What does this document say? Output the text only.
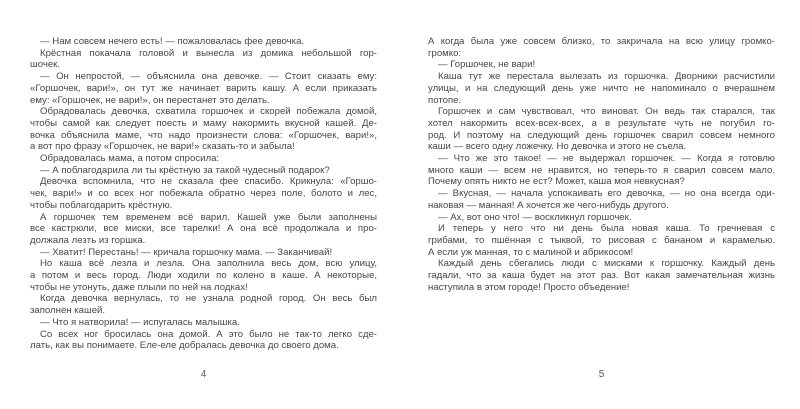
— Нам совсем нечего есть! — пожаловалась фее девочка.

Крёстная покачала головой и вынесла из домика небольшой гор-
шочек.

— Он непростой, — объяснила она девочке. — Стоит сказать ему:
«Горшочек, вари!», он тут же начинает варить кашу. А если приказать
ему: «Горшочек, не вари!», он перестанет это делать.

Обрадовалась девочка, схватила горшочек и скорей побежала домой,
чтобы самой как следует поесть и маму накормить вкусной кашей. Де-
вочка объяснила маме, что надо произнести слова: «Горшочек, вари!»,
а вот про фразу «Горшочек, не вари!» сказать-то и забыла!

Обрадовалась мама, а потом спросила:

— А поблагодарила ли ты крёстную за такой чудесный подарок?

Девочка вспомнила, что не сказала фее спасибо. Крикнула: «Горшо-
чек, вари!» и со всех ног побежала обратно через поле, болото и лес,
чтобы поблагодарить крёстную.

А горшочек тем временем всё варил. Кашей уже были заполнены
все кастрюли, все миски, все тарелки! А она всё продолжала и про-
должала лезть из горшка.

— Хватит! Перестань! — кричала горшочку мама. — Заканчивай!

Но каша всё лезла и лезла. Она заполнила весь дом, всю улицу,
а потом и весь город. Люди ходили по колено в каше. А некоторые,
чтобы не утонуть, даже плыли по ней на лодках!

Когда девочка вернулась, то не узнала родной город. Он весь был
заполнен кашей.

— Что я натворила! — испугалась малышка.

Со всех ног бросилась она домой. А это было не так-то легко сде-
лать, как вы понимаете. Еле-еле добралась девочка до своего дома.

4

А когда была уже совсем близко, то закричала на всю улицу громко-
громко:

— Горшочек, не вари!

Каша тут же перестала вылезать из горшочка. Дворники расчистили
улицы, и на следующий день уже ничто не напоминало о вчерашнем
потопе.

Горшочек и сам чувствовал, что виноват. Он ведь так старался, так
хотел накормить всех-всех-всех, а в результате чуть не погубил го-
род. И поэтому на следующий день горшочек сварил совсем немного
каши — всего одну ложечку. Но девочка и этого не съела.

— Что же это такое! — не выдержал горшочек. — Когда я готовлю
много каши — всем не нравится, но теперь-то я сварил совсем мало.
Почему опять никто не ест? Может, каша моя невкусная?

— Вкусная, — начала успокаивать его девочка, — но она всегда оди-
наковая — манная! А хочется же чего-нибудь другого.

— Ах, вот оно что! — воскликнул горшочек.

И теперь у него что ни день была новая каша. То гречневая с
грибами, то пшённая с тыквой, то рисовая с бананом и карамелью.
А если уж манная, то с малиной и абрикосом!

Каждый день сбегались люди с мисками к горшочку. Каждый день
гадали, что за каша будет на этот раз. Вот какая замечательная жизнь
наступила в этом городе! Просто объедение!

5
